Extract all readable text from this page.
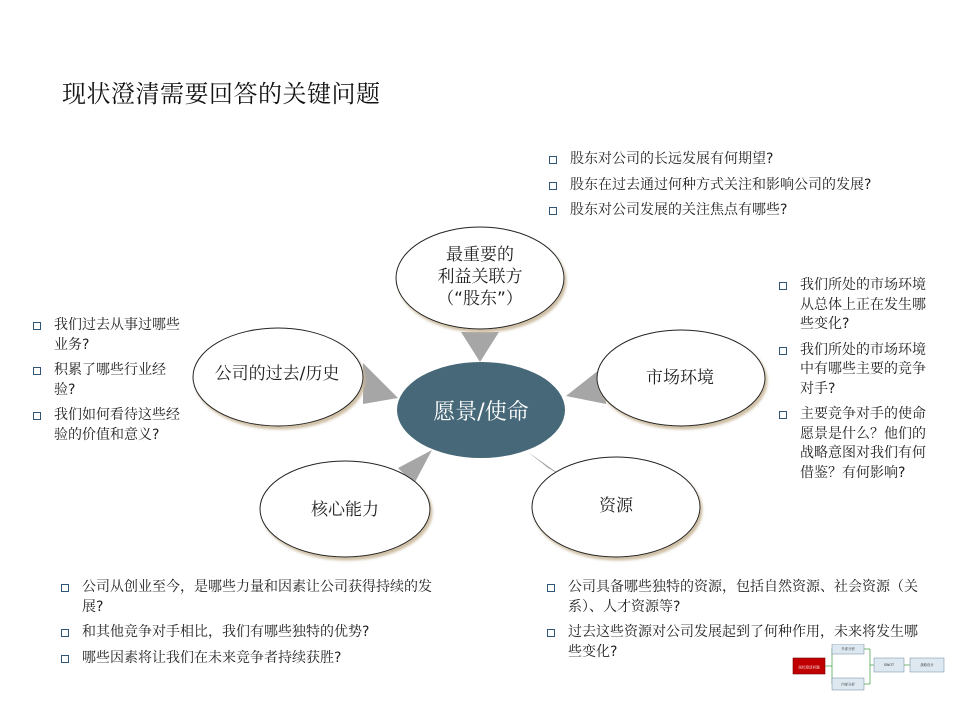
现状澄清需要回答的关键问题
愿景/使命
最重要的
利益关联方
（“股东”）
公司的过去/历史	市场环境
核心能力	资源
股东对公司的长远发展有何期望?
股东在过去通过何种方式关注和影响公司的发展?
股东对公司发展的关注焦点有哪些?
我们过去从事过哪些业务?
积累了哪些行业经验?
我们如何看待这些经验的价值和意义?
我们所处的市场环境从总体上正在发生哪些变化?
我们所处的市场环境中有哪些主要的竞争对手?
主要竞争对手的使命愿景是什么？他们的战略意图对我们有何借鉴？有何影响?
公司从创业至今，是哪些力量和因素让公司获得持续的发展?
和其他竞争对手相比，我们有哪些独特的优势?
哪些因素将让我们在未来竞争者持续获胜?
公司具备哪些独特的资源，包括自然资源、社会资源（关系）、人才资源等?
过去这些资源对公司发展起到了何种作用，未来将发生哪些变化?
现状澄清问题
外部分析
内部分析
SWOT	战略设计
